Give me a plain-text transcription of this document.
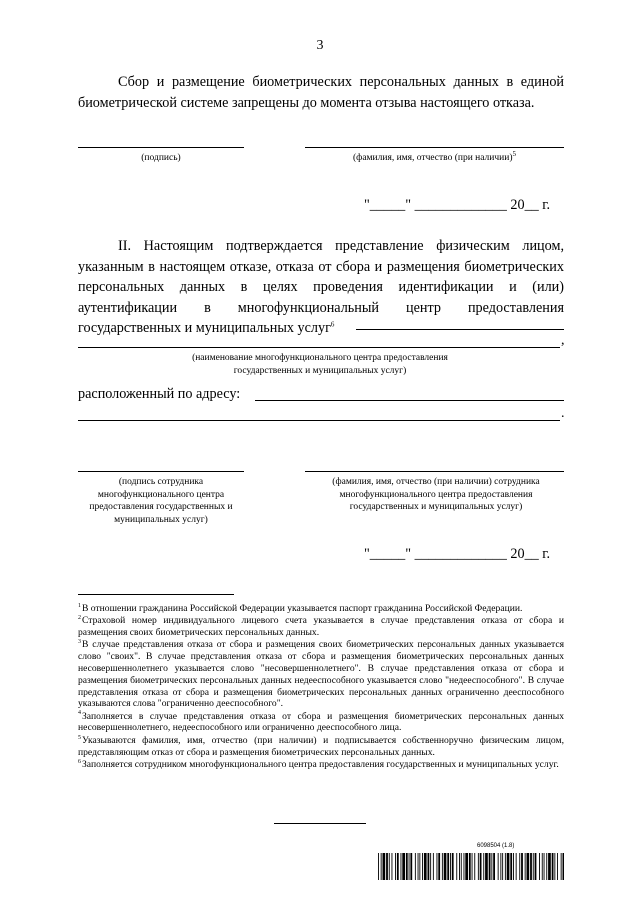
3
Сбор и размещение биометрических персональных данных в единой биометрической системе запрещены до момента отзыва настоящего отказа.
(подпись)	(фамилия, имя, отчество (при наличии)$^5$
"_____" _____________ 20__ г.
II. Настоящим подтверждается представление физическим лицом, указанным в настоящем отказе, отказа от сбора и размещения биометрических персональных данных в целях проведения идентификации и (или) аутентификации в многофункциональный центр предоставления государственных и муниципальных услуг$^6$
,
(наименование многофункционального центра предоставления государственных и муниципальных услуг)
расположенный по адресу:
.
(подпись сотрудника многофункционального центра предоставления государственных и муниципальных услуг)
(фамилия, имя, отчество (при наличии) сотрудника многофункционального центра предоставления государственных и муниципальных услуг)
"_____" _____________ 20__ г.
$^1$В отношении гражданина Российской Федерации указывается паспорт гражданина Российской Федерации.
$^2$Страховой номер индивидуального лицевого счета указывается в случае представления отказа от сбора и размещения своих биометрических персональных данных.
$^3$В случае представления отказа от сбора и размещения своих биометрических персональных данных указывается слово "своих". В случае представления отказа от сбора и размещения биометрических персональных данных несовершеннолетнего указывается слово "несовершеннолетнего". В случае представления отказа от сбора и размещения биометрических персональных данных недееспособного указывается слово "недееспособного". В случае представления отказа от сбора и размещения биометрических персональных данных ограниченно дееспособного указываются слова "ограниченно дееспособного".
$^4$Заполняется в случае представления отказа от сбора и размещения биометрических персональных данных несовершеннолетнего, недееспособного или ограниченно дееспособного лица.
$^5$Указываются фамилия, имя, отчество (при наличии) и подписывается собственноручно физическим лицом, представляющим отказ от сбора и размещения биометрических персональных данных.
$^6$Заполняется сотрудником многофункционального центра предоставления государственных и муниципальных услуг.
6098504 (1.8)
